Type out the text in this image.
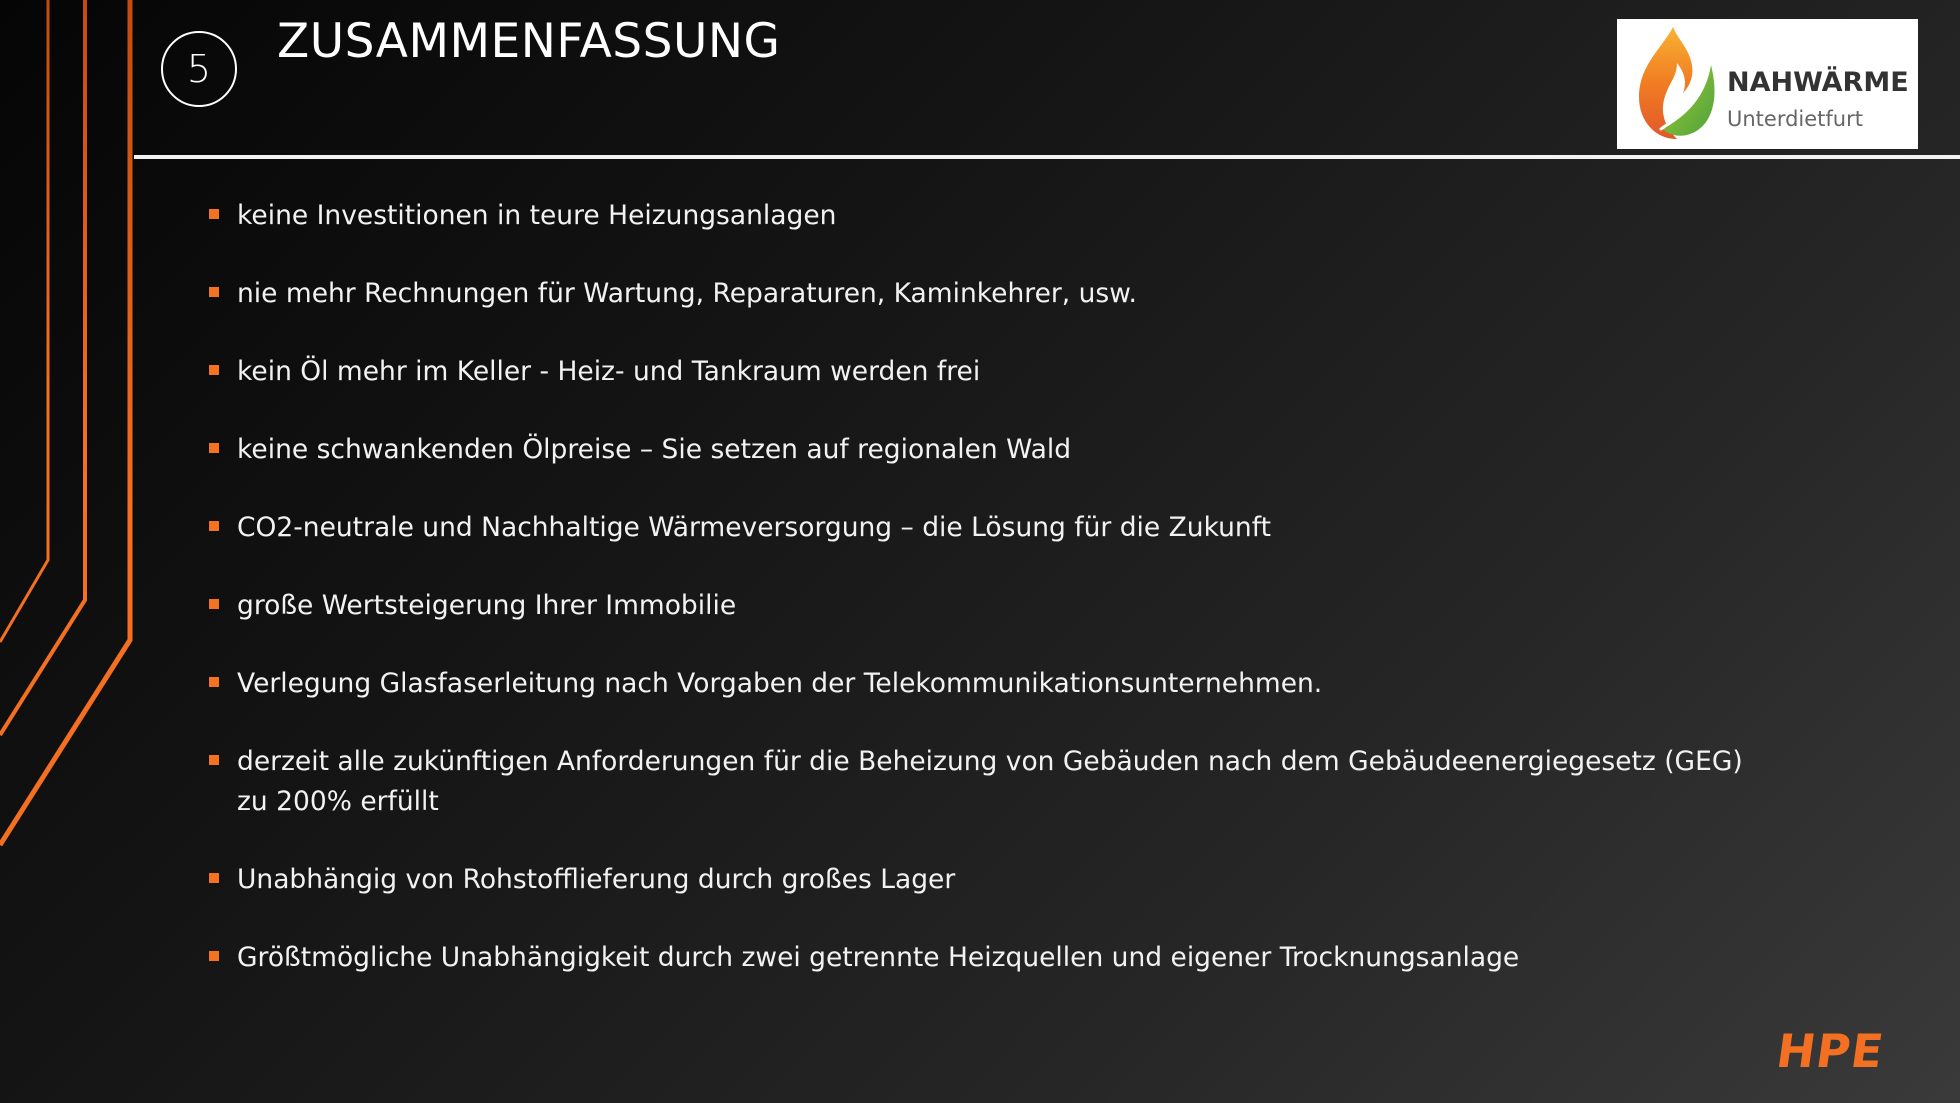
5 ZUSAMMENFASSUNG
NAHWÄRME
Unterdietfurt
keine Investitionen in teure Heizungsanlagen
nie mehr Rechnungen für Wartung, Reparaturen, Kaminkehrer, usw.
kein Öl mehr im Keller - Heiz- und Tankraum werden frei
keine schwankenden Ölpreise – Sie setzen auf regionalen Wald
CO2-neutrale und Nachhaltige Wärmeversorgung – die Lösung für die Zukunft
große Wertsteigerung Ihrer Immobilie
Verlegung Glasfaserleitung nach Vorgaben der Telekommunikationsunternehmen.
derzeit alle zukünftigen Anforderungen für die Beheizung von Gebäuden nach dem Gebäudeenergiegesetz (GEG) zu 200% erfüllt
Unabhängig von Rohstofflieferung durch großes Lager
Größtmögliche Unabhängigkeit durch zwei getrennte Heizquellen und eigener Trocknungsanlage
HPE
